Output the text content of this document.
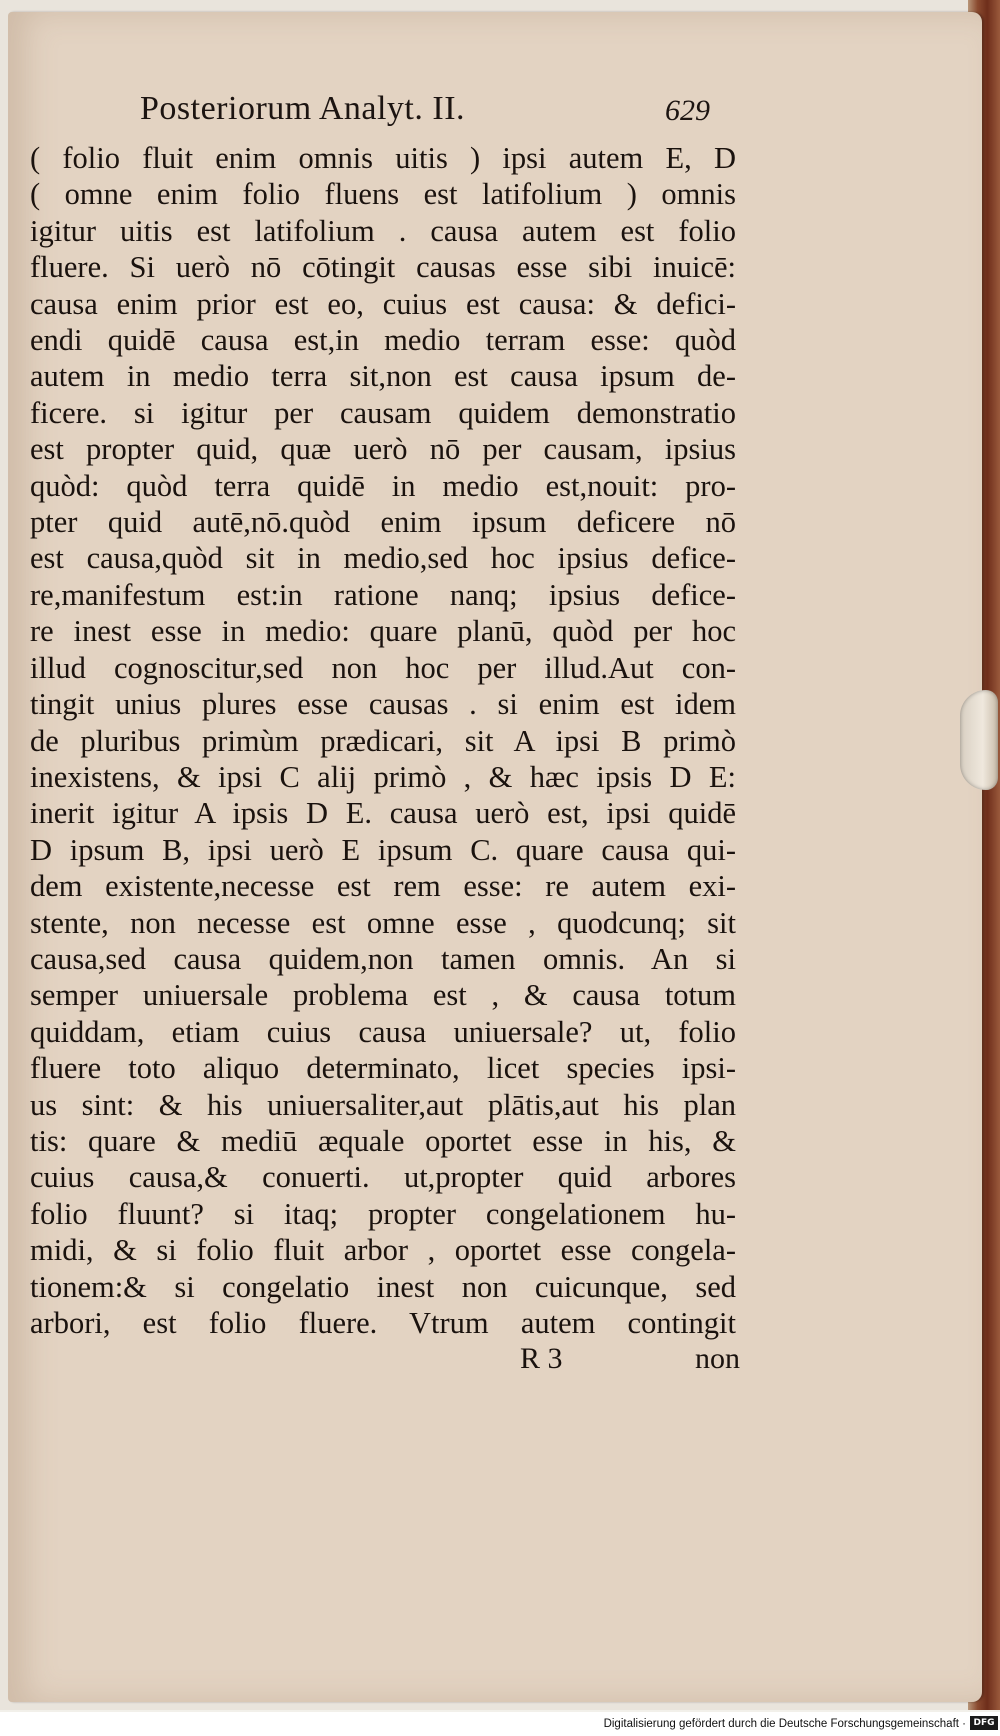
Posteriorum Analyt. II.	629
( folio fluit enim omnis uitis ) ipsi autem E, D
( omne enim folio fluens est latifolium ) omnis
igitur uitis est latifolium . causa autem est folio
fluere. Si uerò nō cōtingit causas esse sibi inuicē:
causa enim prior est eo, cuius est causa: & defici-
endi quidē causa est,in medio terram esse: quòd
autem in medio terra sit,non est causa ipsum de-
ficere. si igitur per causam quidem demonstratio
est propter quid, quæ uerò nō per causam, ipsius
quòd: quòd terra quidē in medio est,nouit: pro-
pter quid autē,nō.quòd enim ipsum deficere nō
est causa,quòd sit in medio,sed hoc ipsius defice-
re,manifestum est:in ratione nanq; ipsius defice-
re inest esse in medio: quare planū, quòd per hoc
illud cognoscitur,sed non hoc per illud.Aut con-
tingit unius plures esse causas . si enim est idem
de pluribus primùm prædicari, sit A ipsi B primò
inexistens, & ipsi C alij primò , & hæc ipsis D E:
inerit igitur A ipsis D E. causa uerò est, ipsi quidē
D ipsum B, ipsi uerò E ipsum C. quare causa qui-
dem existente,necesse est rem esse: re autem exi-
stente, non necesse est omne esse , quodcunq; sit
causa,sed causa quidem,non tamen omnis. An si
semper uniuersale problema est , & causa totum
quiddam, etiam cuius causa uniuersale? ut, folio
fluere toto aliquo determinato, licet species ipsi-
us sint: & his uniuersaliter,aut plātis,aut his plan
tis: quare & mediū æquale oportet esse in his, &
cuius causa,& conuerti. ut,propter quid arbores
folio fluunt? si itaq; propter congelationem hu-
midi, & si folio fluit arbor , oportet esse congela-
tionem:& si congelatio inest non cuicunque, sed
arbori, est folio fluere. Vtrum autem contingit
R 3	non
Digitalisierung gefördert durch die Deutsche Forschungsgemeinschaft · DFG
